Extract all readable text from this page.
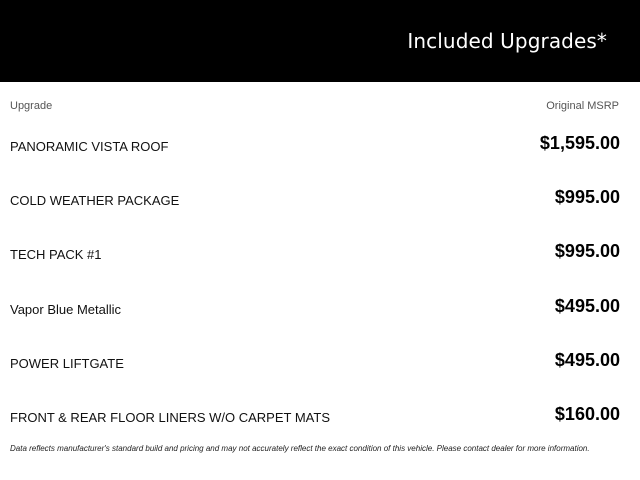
Included Upgrades*
Upgrade	Original MSRP
PANORAMIC VISTA ROOF	$1,595.00
COLD WEATHER PACKAGE	$995.00
TECH PACK #1	$995.00
Vapor Blue Metallic	$495.00
POWER LIFTGATE	$495.00
FRONT & REAR FLOOR LINERS W/O CARPET MATS	$160.00
Data reflects manufacturer's standard build and pricing and may not accurately reflect the exact condition of this vehicle. Please contact dealer for more information.
